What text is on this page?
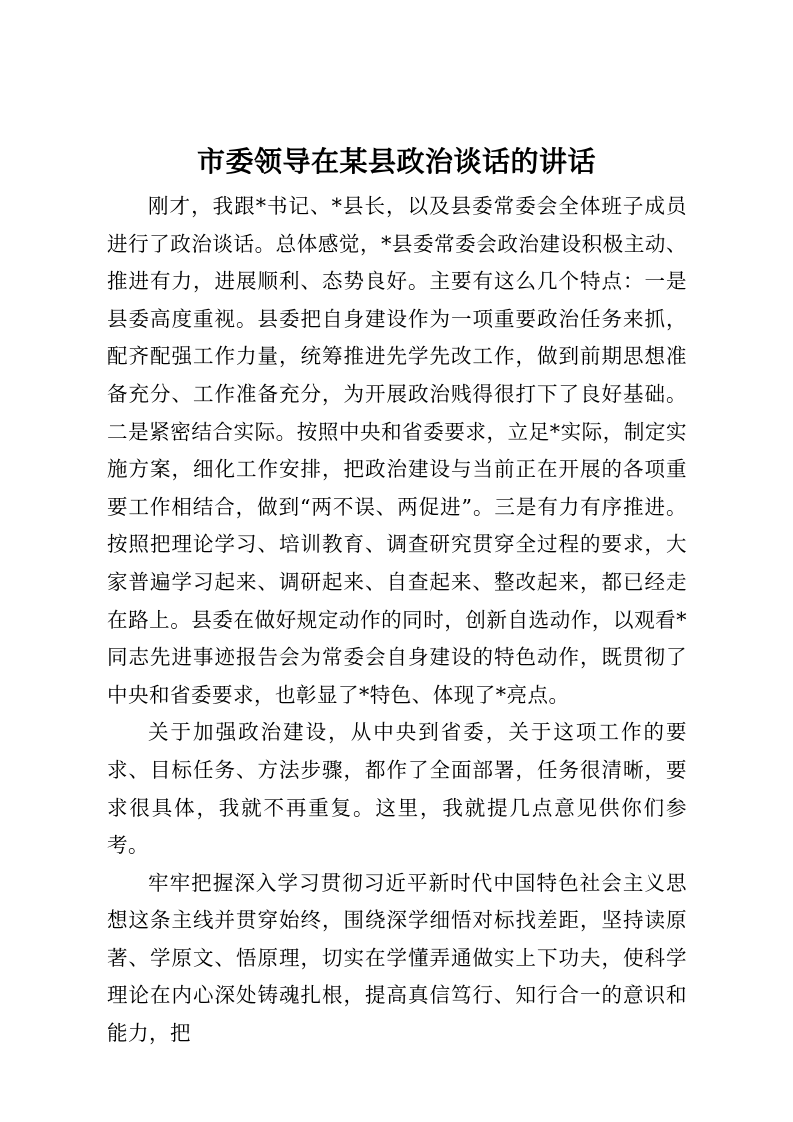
市委领导在某县政治谈话的讲话

刚才，我跟*书记、*县长，以及县委常委会全体班子成员进行了政治谈话。总体感觉，*县委常委会政治建设积极主动、推进有力，进展顺利、态势良好。主要有这么几个特点：一是县委高度重视。县委把自身建设作为一项重要政治任务来抓，配齐配强工作力量，统筹推进先学先改工作，做到前期思想准备充分、工作准备充分，为开展政治贱得很打下了良好基础。二是紧密结合实际。按照中央和省委要求，立足*实际，制定实施方案，细化工作安排，把政治建设与当前正在开展的各项重要工作相结合，做到“两不误、两促进”。三是有力有序推进。按照把理论学习、培训教育、调查研究贯穿全过程的要求，大家普遍学习起来、调研起来、自查起来、整改起来，都已经走在路上。县委在做好规定动作的同时，创新自选动作，以观看*同志先进事迹报告会为常委会自身建设的特色动作，既贯彻了中央和省委要求，也彰显了*特色、体现了*亮点。

关于加强政治建设，从中央到省委，关于这项工作的要求、目标任务、方法步骤，都作了全面部署，任务很清晰，要求很具体，我就不再重复。这里，我就提几点意见供你们参考。

牢牢把握深入学习贯彻习近平新时代中国特色社会主义思想这条主线并贯穿始终，围绕深学细悟对标找差距，坚持读原著、学原文、悟原理，切实在学懂弄通做实上下功夫，使科学理论在内心深处铸魂扎根，提高真信笃行、知行合一的意识和能力，把
